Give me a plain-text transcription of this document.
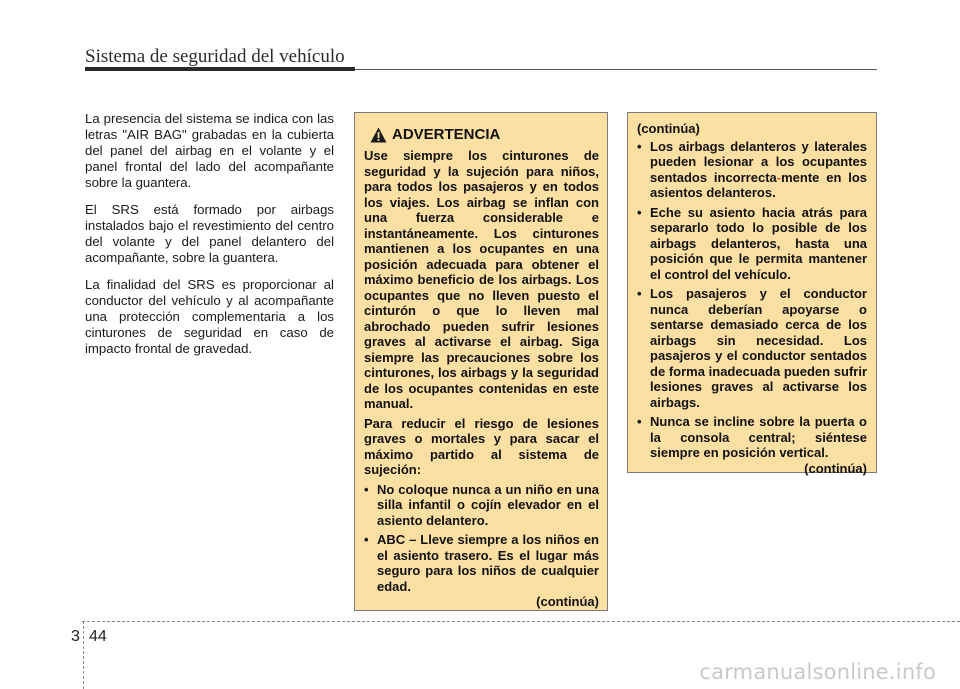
Sistema de seguridad del vehículo

La presencia del sistema se indica con las letras "AIR BAG" grabadas en la cubierta del panel del airbag en el volante y el panel frontal del lado del acompañante sobre la guantera.

El SRS está formado por airbags instalados bajo el revestimiento del centro del volante y del panel delantero del acompañante, sobre la guantera.

La finalidad del SRS es proporcionar al conductor del vehículo y al acompañante una protección complementaria a los cinturones de seguridad en caso de impacto frontal de gravedad.

ADVERTENCIA

Use siempre los cinturones de seguridad y la sujeción para niños, para todos los pasajeros y en todos los viajes. Los airbag se inflan con una fuerza considerable e instantáneamente. Los cinturones mantienen a los ocupantes en una posición adecuada para obtener el máximo beneficio de los airbags. Los ocupantes que no lleven puesto el cinturón o que lo lleven mal abrochado pueden sufrir lesiones graves al activarse el airbag. Siga siempre las precauciones sobre los cinturones, los airbags y la seguridad de los ocupantes contenidas en este manual.

Para reducir el riesgo de lesiones graves o mortales y para sacar el máximo partido al sistema de sujeción:

• No coloque nunca a un niño en una silla infantil o cojín elevador en el asiento delantero.
• ABC – Lleve siempre a los niños en el asiento trasero. Es el lugar más seguro para los niños de cualquier edad.

(continúa)

(continúa)

• Los airbags delanteros y laterales pueden lesionar a los ocupantes sentados incorrecta-mente en los asientos delanteros.
• Eche su asiento hacia atrás para separarlo todo lo posible de los airbags delanteros, hasta una posición que le permita mantener el control del vehículo.
• Los pasajeros y el conductor nunca deberían apoyarse o sentarse demasiado cerca de los airbags sin necesidad. Los pasajeros y el conductor sentados de forma inadecuada pueden sufrir lesiones graves al activarse los airbags.
• Nunca se incline sobre la puerta o la consola central; siéntese siempre en posición vertical.

(continúa)

3 44
carmanualsonline.info
